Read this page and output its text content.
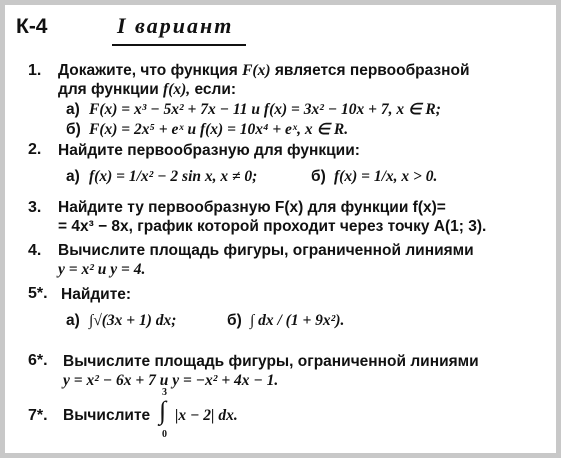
К-4	I вариант
1. Докажите, что функция F(x) является первообразной
для функции f(x), если:
а) F(x) = x³ − 5x² + 7x − 11 и f(x) = 3x² − 10x + 7, x ∈ R;
б) F(x) = 2x⁵ + eˣ и f(x) = 10x⁴ + eˣ, x ∈ R.
2. Найдите первообразную для функции:
а) f(x) = 1/x² − 2 sin x, x ≠ 0;	б) f(x) = 1/x, x > 0.
3. Найдите ту первообразную F(x) для функции f(x)=
= 4x³ − 8x, график которой проходит через точку A(1; 3).
4. Вычислите площадь фигуры, ограниченной линиями
y = x² и y = 4.
5*. Найдите:
а) ∫√(3x + 1) dx;	б) ∫ dx / (1 + 9x²).
6*. Вычислите площадь фигуры, ограниченной линиями
y = x² − 6x + 7 и y = −x² + 4x − 1.
7*. Вычислите
3
∫
0
|x − 2| dx.
